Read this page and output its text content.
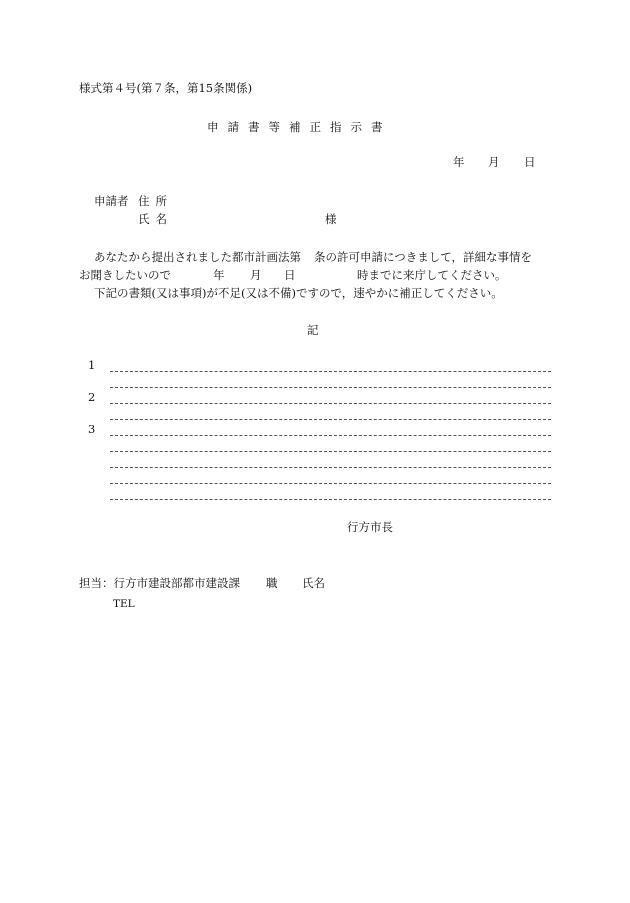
様式第４号(第７条，第15条関係)
申請書等補正指示書
年 月 日
申請者 住所
氏名	様
あなたから提出されました都市計画法第 条の許可申請につきまして，詳細な事情を
お聞きしたいので	年 月 日	時までに来庁してください。
下記の書類(又は事項)が不足(又は不備)ですので，速やかに補正してください。
記
1
2
3
行方市長
担当：行方市建設部都市建設課 職 氏名
TEL
